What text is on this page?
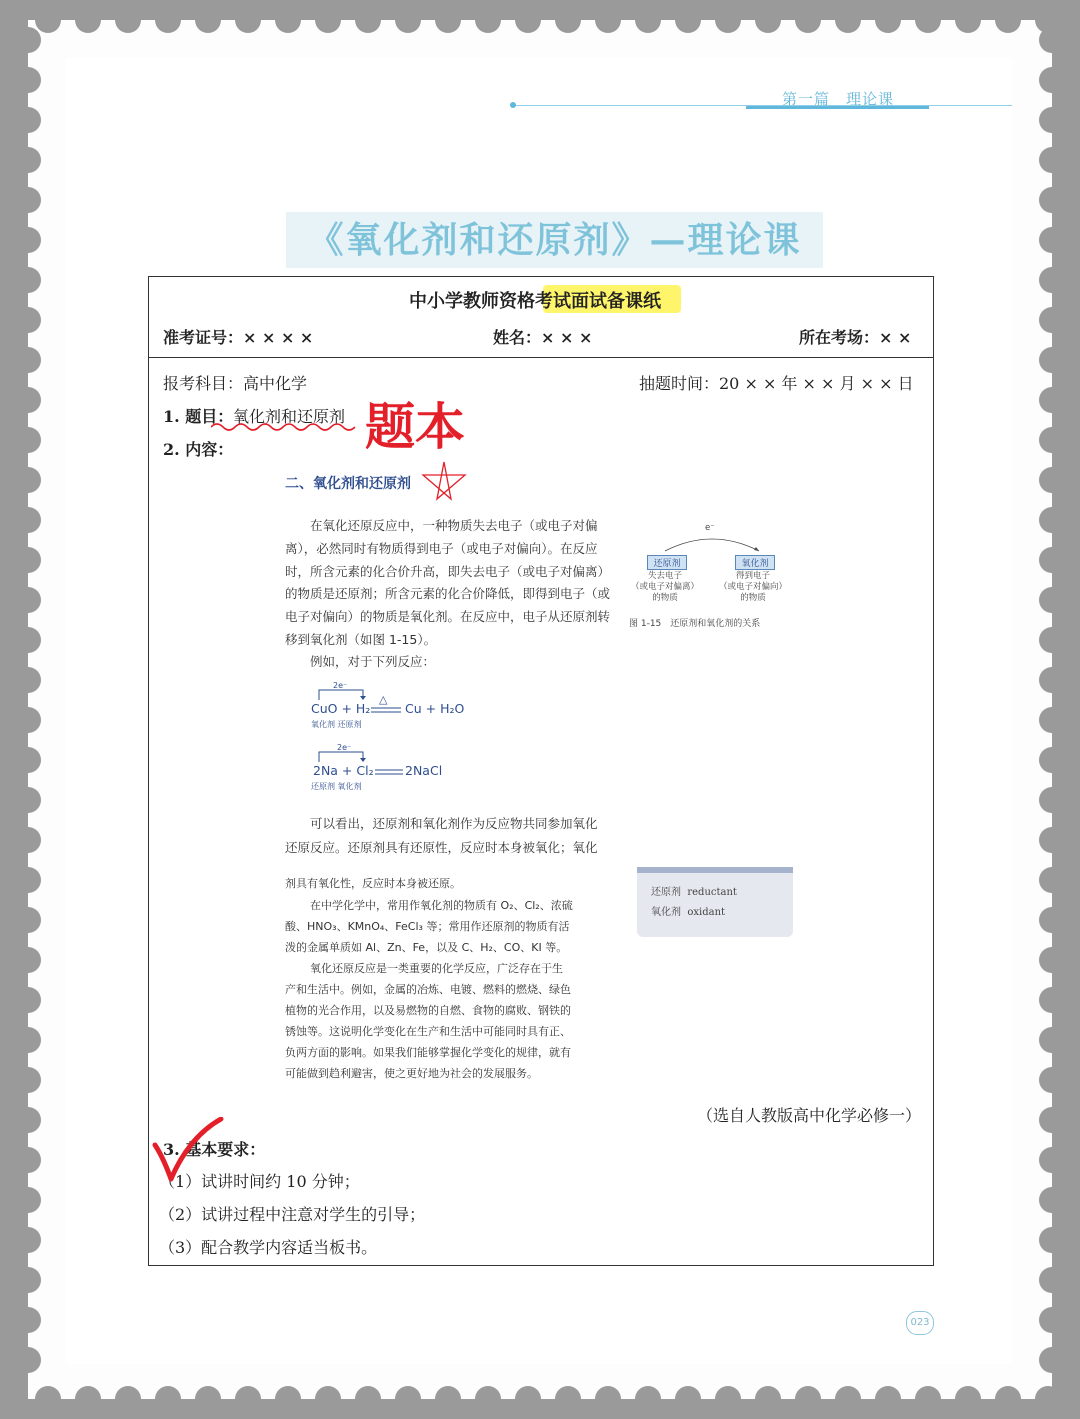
第一篇　理论课
《氧化剂和还原剂》—理论课
中小学教师资格考试面试备课纸
准考证号：× × × ×	姓名：× × ×	所在考场：× ×
报考科目：高中化学	抽题时间：20 × × 年 × × 月 × × 日
1. 题目： 氧化剂和还原剂 题本
2. 内容：
二、氧化剂和还原剂
在氧化还原反应中，一种物质失去电子（或电子对偏离），必然同时有物质得到电子（或电子对偏向）。在反应时，所含元素的化合价升高，即失去电子（或电子对偏离）的物质是还原剂；所含元素的化合价降低，即得到电子（或电子对偏向）的物质是氧化剂。在反应中，电子从还原剂转移到氧化剂（如图 1-15）。
例如，对于下列反应：
2e⁻
CuO + H₂
△
Cu + H₂O
氧化剂 还原剂
2e⁻
2Na + Cl₂	2NaCl
还原剂 氧化剂
可以看出，还原剂和氧化剂作为反应物共同参加氧化
还原反应。还原剂具有还原性，反应时本身被氧化；氧化
剂具有氧化性，反应时本身被还原。
在中学化学中，常用作氧化剂的物质有 O₂、Cl₂、浓硫
酸、HNO₃、KMnO₄、FeCl₃ 等；常用作还原剂的物质有活
泼的金属单质如 Al、Zn、Fe，以及 C、H₂、CO、KI 等。
氧化还原反应是一类重要的化学反应，广泛存在于生
产和生活中。例如，金属的冶炼、电镀、燃料的燃烧、绿色
植物的光合作用，以及易燃物的自燃、食物的腐败、钢铁的
锈蚀等。这说明化学变化在生产和生活中可能同时具有正、
负两方面的影响。如果我们能够掌握化学变化的规律，就有
可能做到趋利避害，使之更好地为社会的发展服务。
e⁻
还原剂	氧化剂
失去电子
（或电子对偏离）
的物质
得到电子
（或电子对偏向）
的物质
图 1-15　还原剂和氧化剂的关系
还原剂 reductant
氧化剂 oxidant
（选自人教版高中化学必修一）
3. 基本要求：
（1）试讲时间约 10 分钟；
（2）试讲过程中注意对学生的引导；
（3）配合教学内容适当板书。
023
